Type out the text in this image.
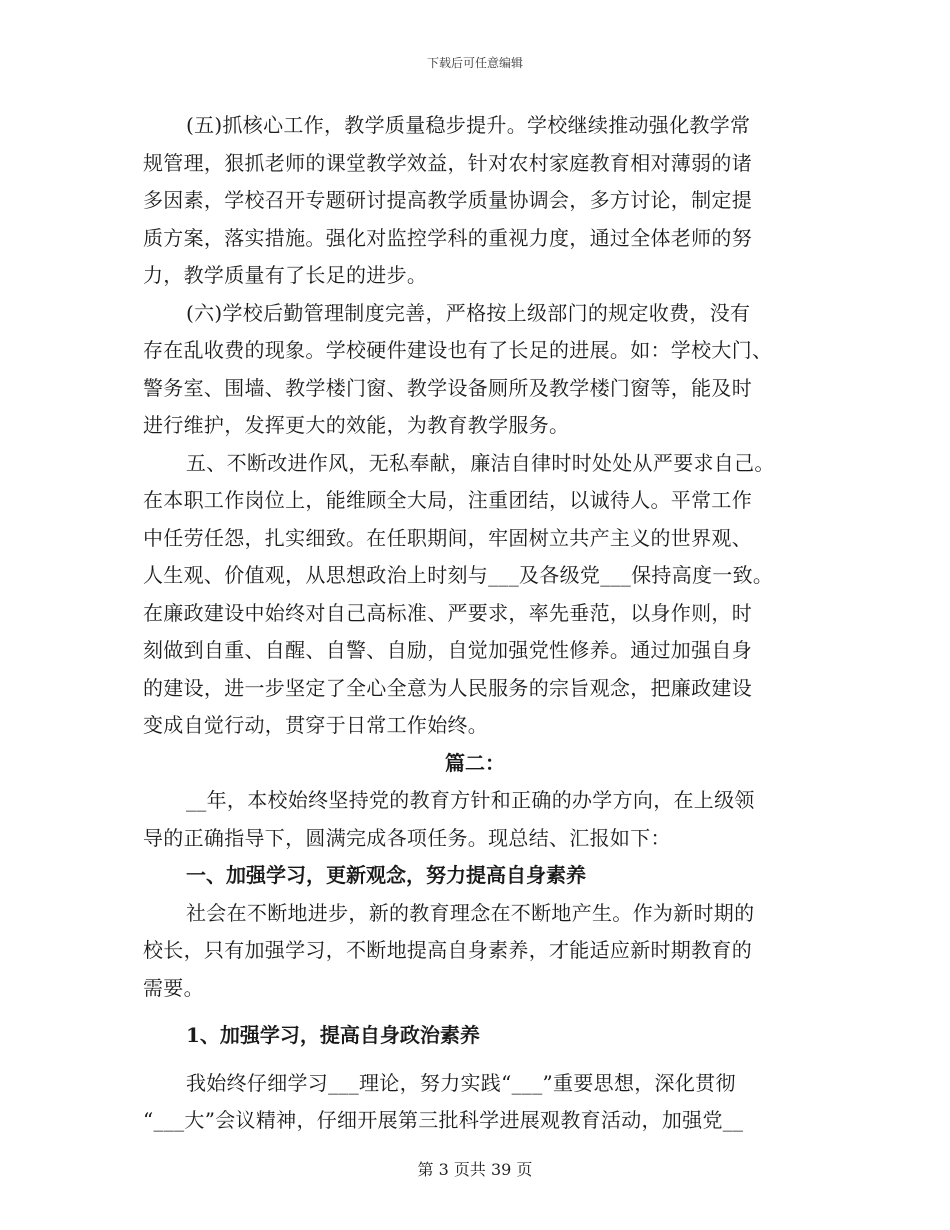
下载后可任意编辑
(五)抓核心工作，教学质量稳步提升。学校继续推动强化教学常
规管理，狠抓老师的课堂教学效益，针对农村家庭教育相对薄弱的诸
多因素，学校召开专题研讨提高教学质量协调会，多方讨论，制定提
质方案，落实措施。强化对监控学科的重视力度，通过全体老师的努
力，教学质量有了长足的进步。
(六)学校后勤管理制度完善，严格按上级部门的规定收费，没有
存在乱收费的现象。学校硬件建设也有了长足的进展。如：学校大门、
警务室、围墙、教学楼门窗、教学设备厕所及教学楼门窗等，能及时
进行维护，发挥更大的效能，为教育教学服务。
五、不断改进作风，无私奉献，廉洁自律时时处处从严要求自己。
在本职工作岗位上，能维顾全大局，注重团结，以诚待人。平常工作
中任劳任怨，扎实细致。在任职期间，牢固树立共产主义的世界观、
人生观、价值观，从思想政治上时刻与___及各级党___保持高度一致。
在廉政建设中始终对自己高标准、严要求，率先垂范，以身作则，时
刻做到自重、自醒、自警、自励，自觉加强党性修养。通过加强自身
的建设，进一步坚定了全心全意为人民服务的宗旨观念，把廉政建设
变成自觉行动，贯穿于日常工作始终。
篇二：
__年，本校始终坚持党的教育方针和正确的办学方向，在上级领
导的正确指导下，圆满完成各项任务。现总结、汇报如下：
一、加强学习，更新观念，努力提高自身素养
社会在不断地进步，新的教育理念在不断地产生。作为新时期的
校长，只有加强学习，不断地提高自身素养，才能适应新时期教育的
需要。
1、加强学习，提高自身政治素养
我始终仔细学习___理论，努力实践“___”重要思想，深化贯彻
“___大”会议精神，仔细开展第三批科学进展观教育活动，加强党__
第 3 页共 39 页
